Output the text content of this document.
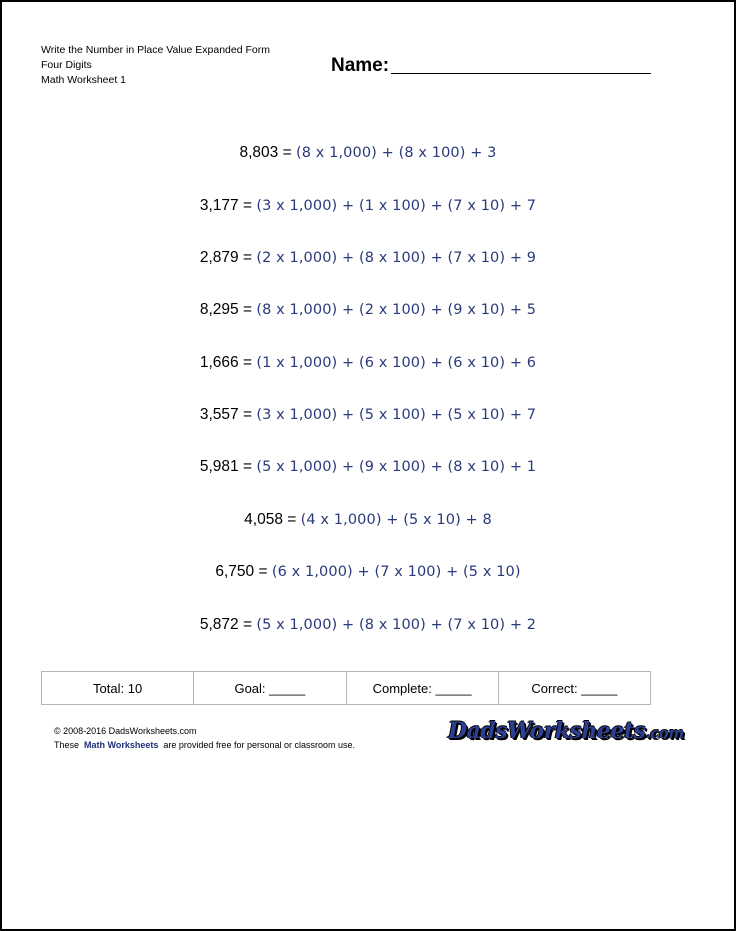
Write the Number in Place Value Expanded Form
Four Digits
Math Worksheet 1
Name:
8,803 = (8 x 1,000) + (8 x 100) + 3
3,177 = (3 x 1,000) + (1 x 100) + (7 x 10) + 7
2,879 = (2 x 1,000) + (8 x 100) + (7 x 10) + 9
8,295 = (8 x 1,000) + (2 x 100) + (9 x 10) + 5
1,666 = (1 x 1,000) + (6 x 100) + (6 x 10) + 6
3,557 = (3 x 1,000) + (5 x 100) + (5 x 10) + 7
5,981 = (5 x 1,000) + (9 x 100) + (8 x 10) + 1
4,058 = (4 x 1,000) + (5 x 10) + 8
6,750 = (6 x 1,000) + (7 x 100) + (5 x 10)
5,872 = (5 x 1,000) + (8 x 100) + (7 x 10) + 2
Total: 10	Goal: _____	Complete: _____	Correct: _____
© 2008-2016 DadsWorksheets.com
These Math Worksheets are provided free for personal or classroom use.
DadsWorksheets.com
